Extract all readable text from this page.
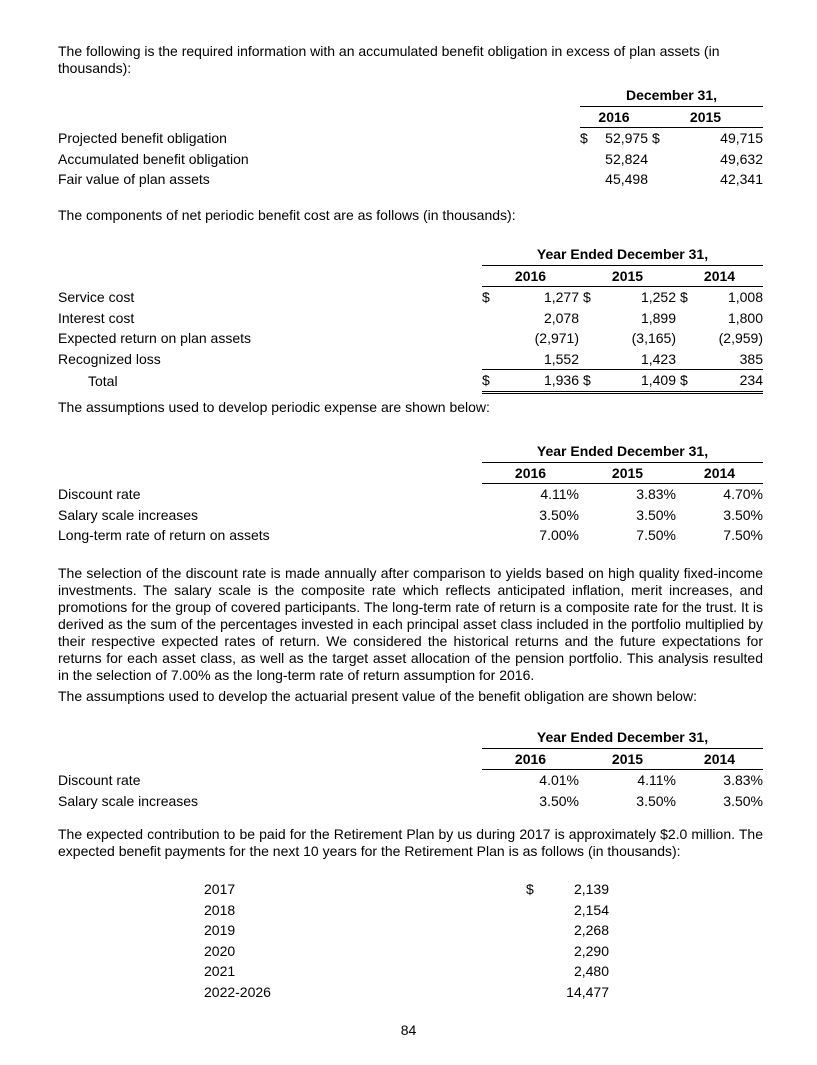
The following is the required information with an accumulated benefit obligation in excess of plan assets (in thousands):
	December 31,			
	2016		2015	
Projected benefit obligation	$	52,975	$	49,715
Accumulated benefit obligation		52,824		49,632
Fair value of plan assets		45,498		42,341
The components of net periodic benefit cost are as follows (in thousands):
	Year Ended December 31,					
	2016		2015		2014	
Service cost	$	1,277	$	1,252	$	1,008
Interest cost		2,078		1,899		1,800
Expected return on plan assets		(2,971)		(3,165)		(2,959)
Recognized loss		1,552		1,423		385
Total	$	1,936	$	1,409	$	234
The assumptions used to develop periodic expense are shown below:
	Year Ended December 31,		
	2016	2015	2014
Discount rate	4.11%	3.83%	4.70%
Salary scale increases	3.50%	3.50%	3.50%
Long-term rate of return on assets	7.00%	7.50%	7.50%
The selection of the discount rate is made annually after comparison to yields based on high quality fixed-income investments. The salary scale is the composite rate which reflects anticipated inflation, merit increases, and promotions for the group of covered participants. The long-term rate of return is a composite rate for the trust. It is derived as the sum of the percentages invested in each principal asset class included in the portfolio multiplied by their respective expected rates of return. We considered the historical returns and the future expectations for returns for each asset class, as well as the target asset allocation of the pension portfolio. This analysis resulted in the selection of 7.00% as the long-term rate of return assumption for 2016.
The assumptions used to develop the actuarial present value of the benefit obligation are shown below:
	Year Ended December 31,		
	2016	2015	2014
Discount rate	4.01%	4.11%	3.83%
Salary scale increases	3.50%	3.50%	3.50%
The expected contribution to be paid for the Retirement Plan by us during 2017 is approximately $2.0 million. The expected benefit payments for the next 10 years for the Retirement Plan is as follows (in thousands):
2017	$	2,139
2018		2,154
2019		2,268
2020		2,290
2021		2,480
2022-2026		14,477
84
